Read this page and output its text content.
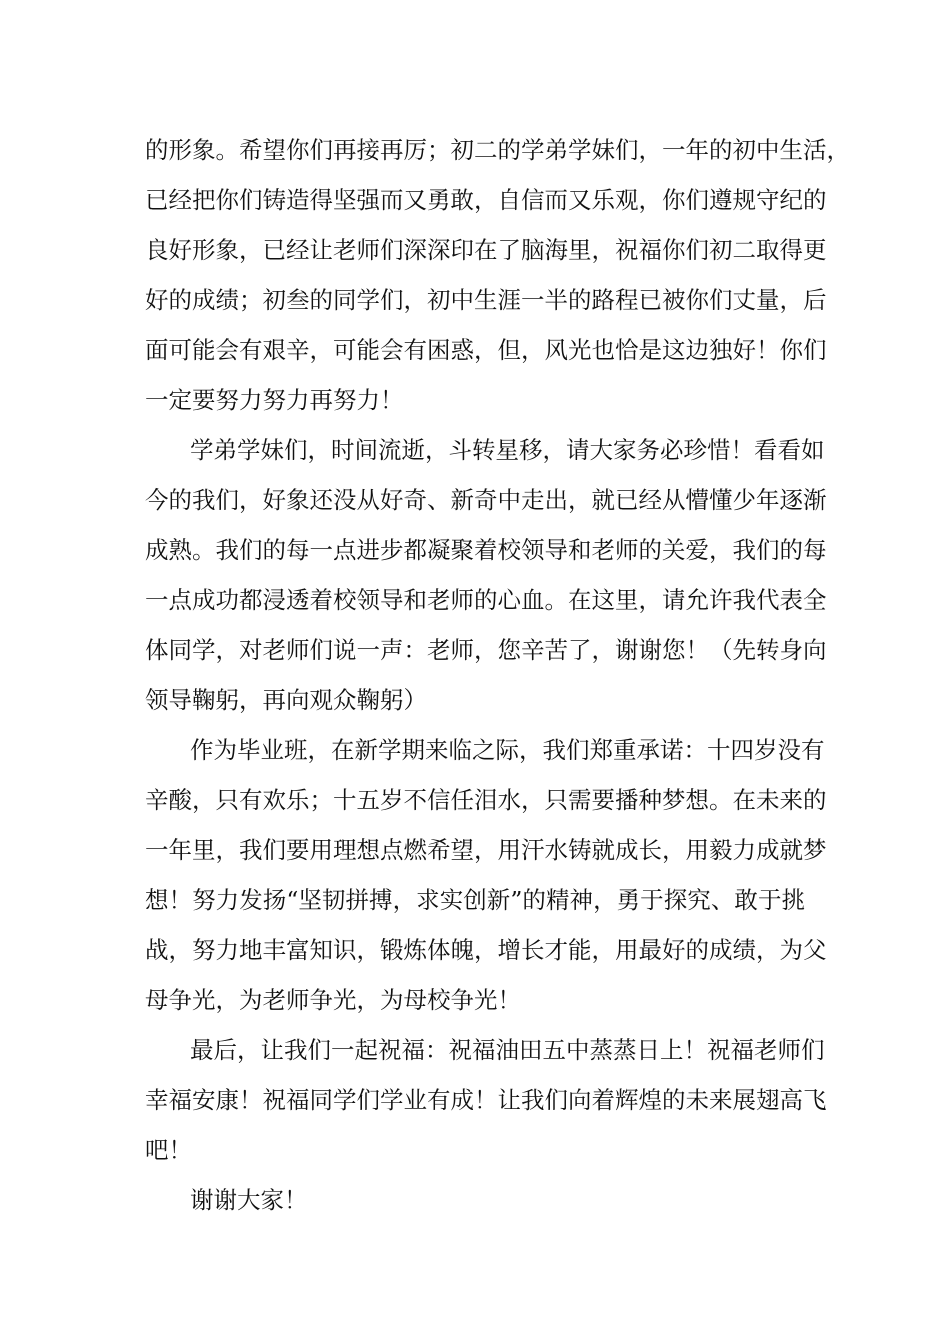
的形象。希望你们再接再厉；初二的学弟学妹们，一年的初中生活，
已经把你们铸造得坚强而又勇敢，自信而又乐观，你们遵规守纪的
良好形象，已经让老师们深深印在了脑海里，祝福你们初二取得更
好的成绩；初叁的同学们，初中生涯一半的路程已被你们丈量，后
面可能会有艰辛，可能会有困惑，但，风光也恰是这边独好！你们
一定要努力努力再努力！
学弟学妹们，时间流逝，斗转星移，请大家务必珍惜！看看如
今的我们，好象还没从好奇、新奇中走出，就已经从懵懂少年逐渐
成熟。我们的每一点进步都凝聚着校领导和老师的关爱，我们的每
一点成功都浸透着校领导和老师的心血。在这里，请允许我代表全
体同学，对老师们说一声：老师，您辛苦了，谢谢您！（先转身向
领导鞠躬，再向观众鞠躬）
作为毕业班，在新学期来临之际，我们郑重承诺：十四岁没有
辛酸，只有欢乐；十五岁不信任泪水，只需要播种梦想。在未来的
一年里，我们要用理想点燃希望，用汗水铸就成长，用毅力成就梦
想！努力发扬“坚韧拼搏，求实创新”的精神，勇于探究、敢于挑
战，努力地丰富知识，锻炼体魄，增长才能，用最好的成绩，为父
母争光，为老师争光，为母校争光！
最后，让我们一起祝福：祝福油田五中蒸蒸日上！祝福老师们
幸福安康！祝福同学们学业有成！让我们向着辉煌的未来展翅高飞
吧！
谢谢大家！
